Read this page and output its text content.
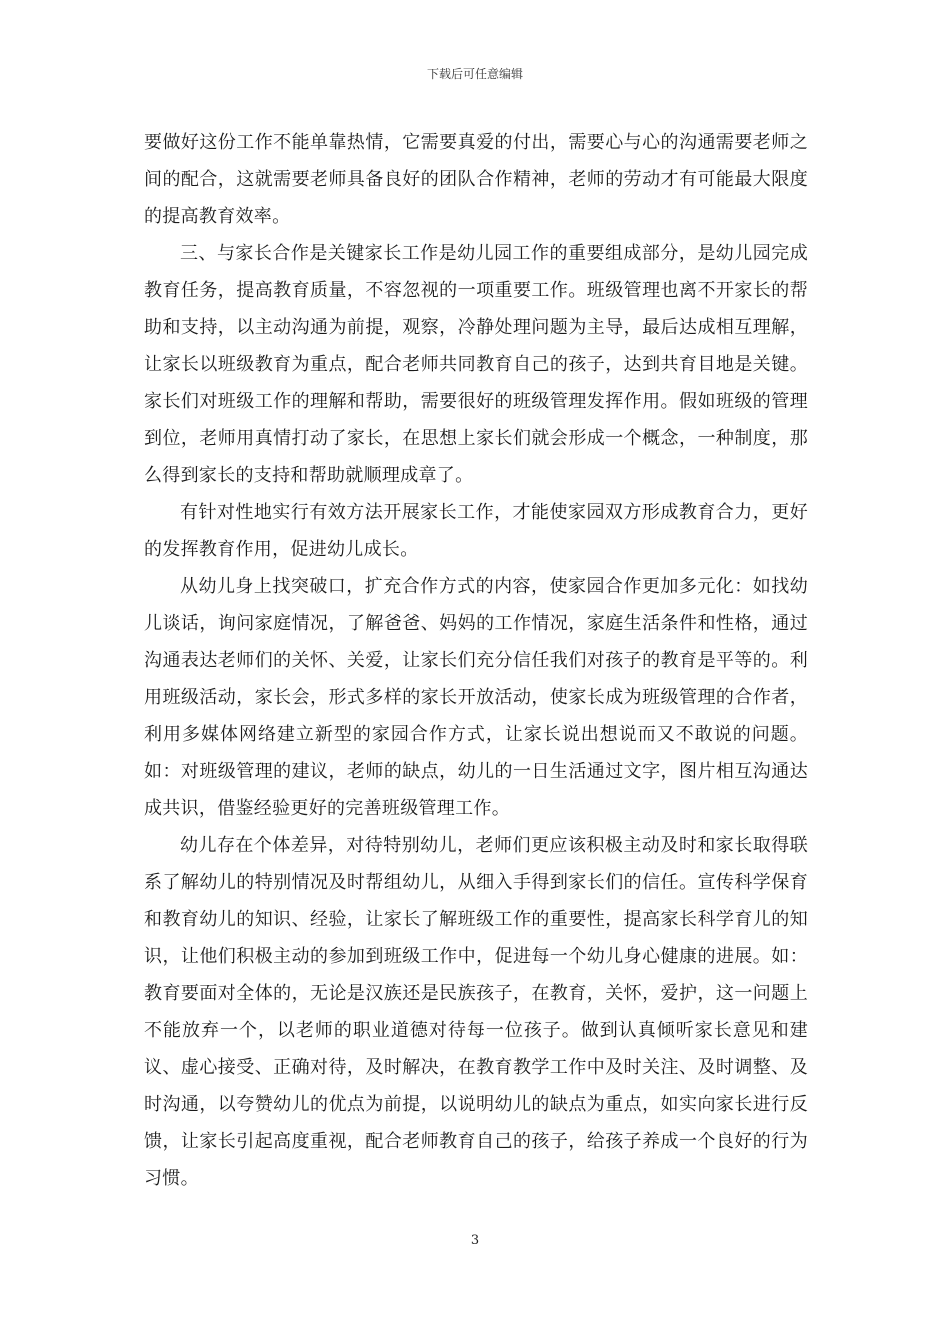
下载后可任意编辑

要做好这份工作不能单靠热情，它需要真爱的付出，需要心与心的沟通需要老师之间的配合，这就需要老师具备良好的团队合作精神，老师的劳动才有可能最大限度的提高教育效率。

三、与家长合作是关键家长工作是幼儿园工作的重要组成部分，是幼儿园完成教育任务，提高教育质量，不容忽视的一项重要工作。班级管理也离不开家长的帮助和支持，以主动沟通为前提，观察，冷静处理问题为主导，最后达成相互理解，让家长以班级教育为重点，配合老师共同教育自己的孩子，达到共育目地是关键。家长们对班级工作的理解和帮助，需要很好的班级管理发挥作用。假如班级的管理到位，老师用真情打动了家长，在思想上家长们就会形成一个概念，一种制度，那么得到家长的支持和帮助就顺理成章了。

有针对性地实行有效方法开展家长工作，才能使家园双方形成教育合力，更好的发挥教育作用，促进幼儿成长。

从幼儿身上找突破口，扩充合作方式的内容，使家园合作更加多元化：如找幼儿谈话，询问家庭情况，了解爸爸、妈妈的工作情况，家庭生活条件和性格，通过沟通表达老师们的关怀、关爱，让家长们充分信任我们对孩子的教育是平等的。利用班级活动，家长会，形式多样的家长开放活动，使家长成为班级管理的合作者，利用多媒体网络建立新型的家园合作方式，让家长说出想说而又不敢说的问题。如：对班级管理的建议，老师的缺点，幼儿的一日生活通过文字，图片相互沟通达成共识，借鉴经验更好的完善班级管理工作。

幼儿存在个体差异，对待特别幼儿，老师们更应该积极主动及时和家长取得联系了解幼儿的特别情况及时帮组幼儿，从细入手得到家长们的信任。宣传科学保育和教育幼儿的知识、经验，让家长了解班级工作的重要性，提高家长科学育儿的知识，让他们积极主动的参加到班级工作中，促进每一个幼儿身心健康的进展。如：教育要面对全体的，无论是汉族还是民族孩子，在教育，关怀，爱护，这一问题上不能放弃一个，以老师的职业道德对待每一位孩子。做到认真倾听家长意见和建议、虚心接受、正确对待，及时解决，在教育教学工作中及时关注、及时调整、及时沟通，以夸赞幼儿的优点为前提，以说明幼儿的缺点为重点，如实向家长进行反馈，让家长引起高度重视，配合老师教育自己的孩子，给孩子养成一个良好的行为习惯。

3
